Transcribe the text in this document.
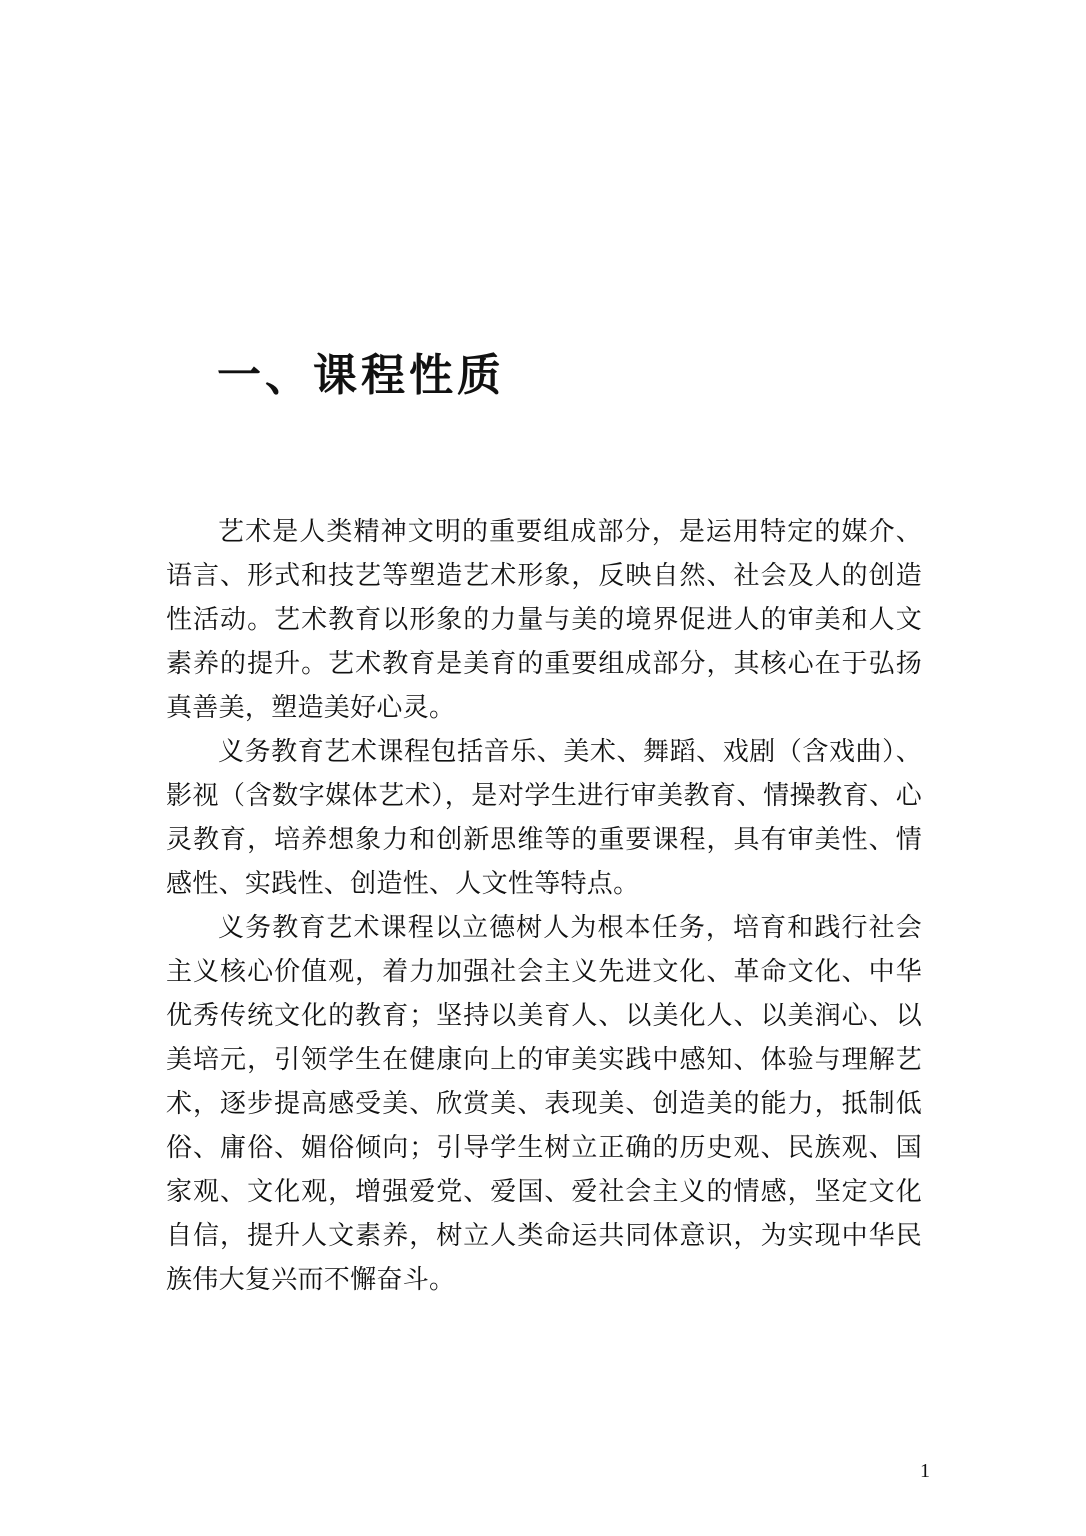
一、课程性质

艺术是人类精神文明的重要组成部分，是运用特定的媒介、语言、形式和技艺等塑造艺术形象，反映自然、社会及人的创造性活动。艺术教育以形象的力量与美的境界促进人的审美和人文素养的提升。艺术教育是美育的重要组成部分，其核心在于弘扬真善美，塑造美好心灵。

义务教育艺术课程包括音乐、美术、舞蹈、戏剧（含戏曲）、影视（含数字媒体艺术），是对学生进行审美教育、情操教育、心灵教育，培养想象力和创新思维等的重要课程，具有审美性、情感性、实践性、创造性、人文性等特点。

义务教育艺术课程以立德树人为根本任务，培育和践行社会主义核心价值观，着力加强社会主义先进文化、革命文化、中华优秀传统文化的教育；坚持以美育人、以美化人、以美润心、以美培元，引领学生在健康向上的审美实践中感知、体验与理解艺术，逐步提高感受美、欣赏美、表现美、创造美的能力，抵制低俗、庸俗、媚俗倾向；引导学生树立正确的历史观、民族观、国家观、文化观，增强爱党、爱国、爱社会主义的情感，坚定文化自信，提升人文素养，树立人类命运共同体意识，为实现中华民族伟大复兴而不懈奋斗。

1
